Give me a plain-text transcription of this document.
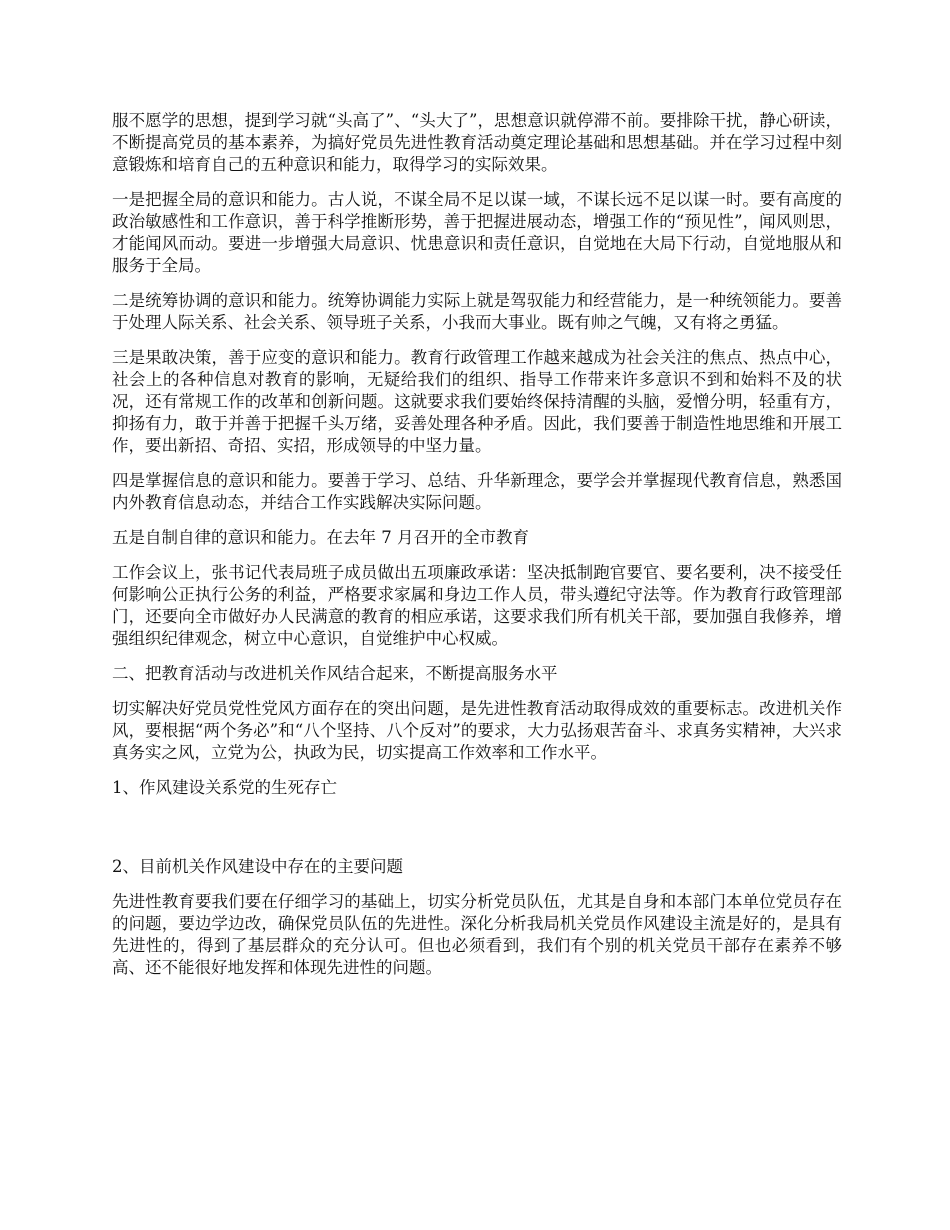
服不愿学的思想，提到学习就“头高了”、“头大了”，思想意识就停滞不前。要排除干扰，静心研读，不断提高党员的基本素养，为搞好党员先进性教育活动奠定理论基础和思想基础。并在学习过程中刻意锻炼和培育自己的五种意识和能力，取得学习的实际效果。

一是把握全局的意识和能力。古人说，不谋全局不足以谋一域，不谋长远不足以谋一时。要有高度的政治敏感性和工作意识，善于科学推断形势，善于把握进展动态，增强工作的“预见性”，闻风则思，才能闻风而动。要进一步增强大局意识、忧患意识和责任意识，自觉地在大局下行动，自觉地服从和服务于全局。

二是统筹协调的意识和能力。统筹协调能力实际上就是驾驭能力和经营能力，是一种统领能力。要善于处理人际关系、社会关系、领导班子关系，小我而大事业。既有帅之气魄，又有将之勇猛。

三是果敢决策，善于应变的意识和能力。教育行政管理工作越来越成为社会关注的焦点、热点中心，社会上的各种信息对教育的影响，无疑给我们的组织、指导工作带来许多意识不到和始料不及的状况，还有常规工作的改革和创新问题。这就要求我们要始终保持清醒的头脑，爱憎分明，轻重有方，抑扬有力，敢于并善于把握千头万绪，妥善处理各种矛盾。因此，我们要善于制造性地思维和开展工作，要出新招、奇招、实招，形成领导的中坚力量。

四是掌握信息的意识和能力。要善于学习、总结、升华新理念，要学会并掌握现代教育信息，熟悉国内外教育信息动态，并结合工作实践解决实际问题。

五是自制自律的意识和能力。在去年 7 月召开的全市教育

工作会议上，张书记代表局班子成员做出五项廉政承诺：坚决抵制跑官要官、要名要利，决不接受任何影响公正执行公务的利益，严格要求家属和身边工作人员，带头遵纪守法等。作为教育行政管理部门，还要向全市做好办人民满意的教育的相应承诺，这要求我们所有机关干部，要加强自我修养，增强组织纪律观念，树立中心意识，自觉维护中心权威。

二、把教育活动与改进机关作风结合起来，不断提高服务水平

切实解决好党员党性党风方面存在的突出问题，是先进性教育活动取得成效的重要标志。改进机关作风，要根据“两个务必”和“八个坚持、八个反对”的要求，大力弘扬艰苦奋斗、求真务实精神，大兴求真务实之风，立党为公，执政为民，切实提高工作效率和工作水平。

1、作风建设关系党的生死存亡

2、目前机关作风建设中存在的主要问题

先进性教育要我们要在仔细学习的基础上，切实分析党员队伍，尤其是自身和本部门本单位党员存在的问题，要边学边改，确保党员队伍的先进性。深化分析我局机关党员作风建设主流是好的，是具有先进性的，得到了基层群众的充分认可。但也必须看到，我们有个别的机关党员干部存在素养不够高、还不能很好地发挥和体现先进性的问题。
